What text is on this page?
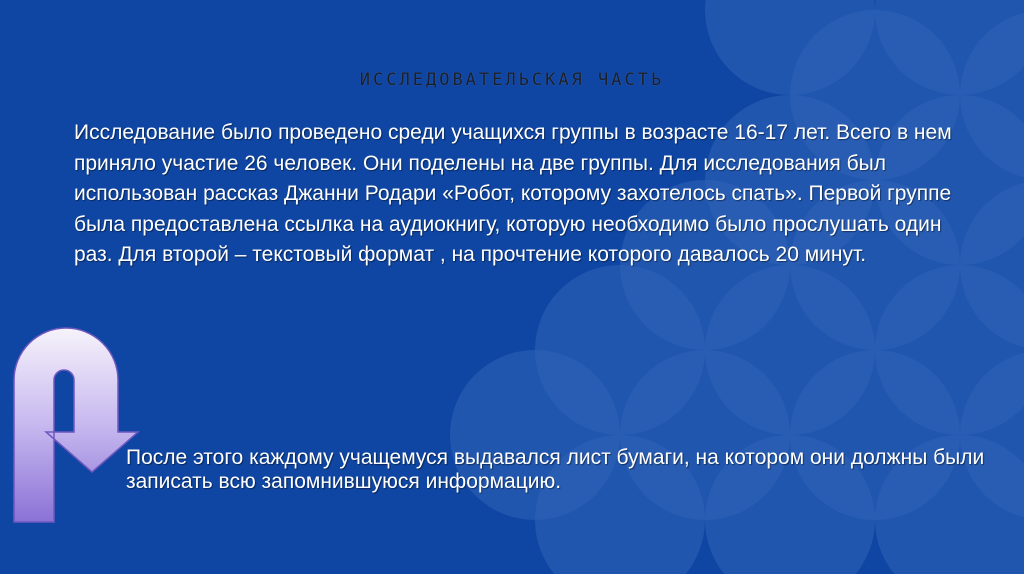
ИССЛЕДОВАТЕЛЬСКАЯ ЧАСТЬ

Исследование было проведено среди учащихся группы в возрасте 16-17 лет. Всего в нем приняло участие 26 человек. Они поделены на две группы. Для исследования был использован рассказ Джанни Родари «Робот, которому захотелось спать». Первой группе была предоставлена ссылка на аудиокнигу, которую необходимо было прослушать один раз. Для второй – текстовый формат , на прочтение которого давалось 20 минут.

После этого каждому учащемуся выдавался лист бумаги, на котором они должны были записать всю запомнившуюся информацию.
